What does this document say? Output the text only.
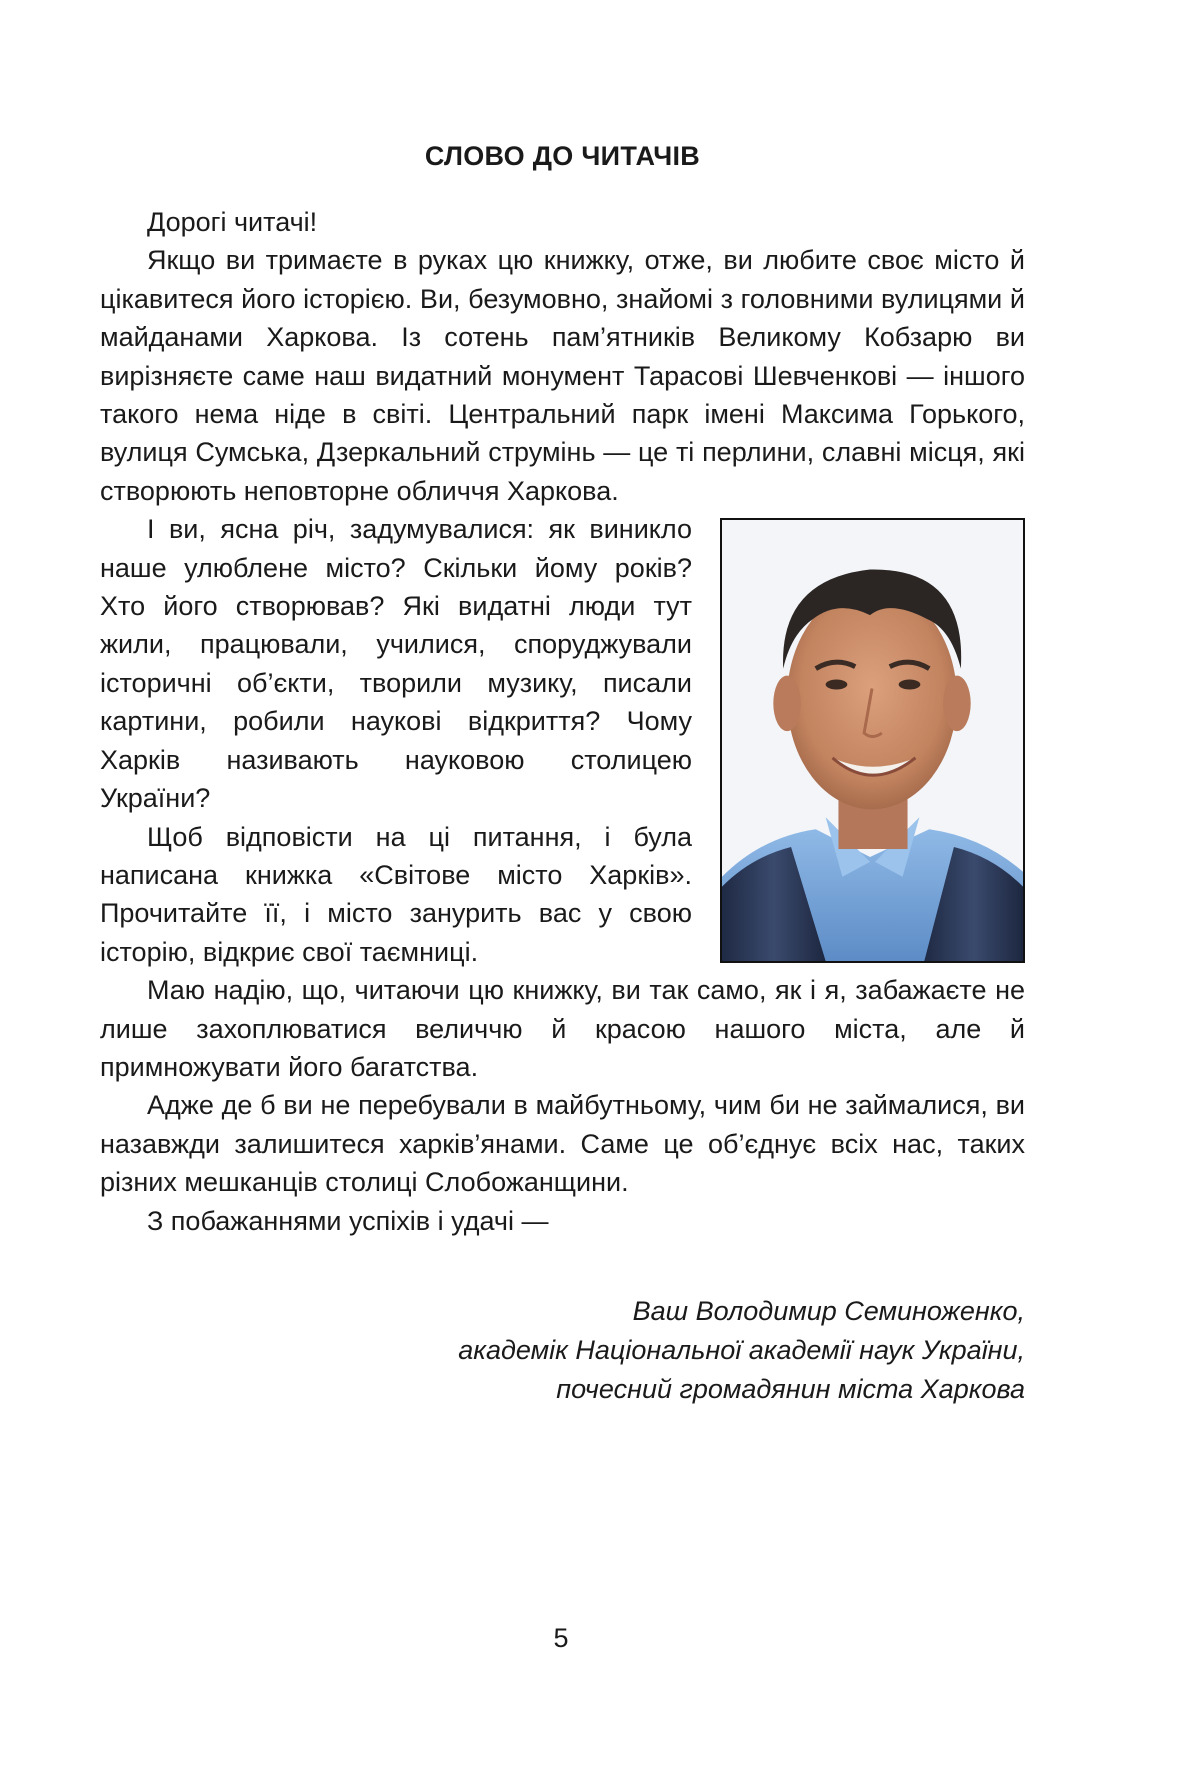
СЛОВО ДО ЧИТАЧІВ

Дорогі читачі!

Якщо ви тримаєте в руках цю книжку, отже, ви любите своє місто й цікавитеся його історією. Ви, безумовно, знайомі з головними вулицями й майданами Харкова. Із сотень пам’ятників Великому Кобзарю ви вирізняєте саме наш видатний монумент Тарасові Шевченкові — іншого такого нема ніде в світі. Центральний парк імені Максима Горького, вулиця Сумська, Дзеркальний струмінь — це ті перлини, славні місця, які створюють неповторне обличчя Харкова.

І ви, ясна річ, задумувалися: як виникло наше улюблене місто? Скільки йому років? Хто його створював? Які видатні люди тут жили, працювали, училися, споруджували історичні об’єкти, творили музику, писали картини, робили наукові відкриття? Чому Харків називають науковою столицею України?

Щоб відповісти на ці питання, і була написана книжка «Світове місто Харків». Прочитайте її, і місто занурить вас у свою історію, відкриє свої таємниці.

Маю надію, що, читаючи цю книжку, ви так само, як і я, забажаєте не лише захоплюватися величчю й красою нашого міста, але й примножувати його багатства.

Адже де б ви не перебували в майбутньому, чим би не займалися, ви назавжди залишитеся харків’янами. Саме це об’єднує всіх нас, таких різних мешканців столиці Слобожанщини.

З побажаннями успіхів і удачі —

Ваш Володимир Семиноженко,
академік Національної академії наук України,
почесний громадянин міста Харкова
5
